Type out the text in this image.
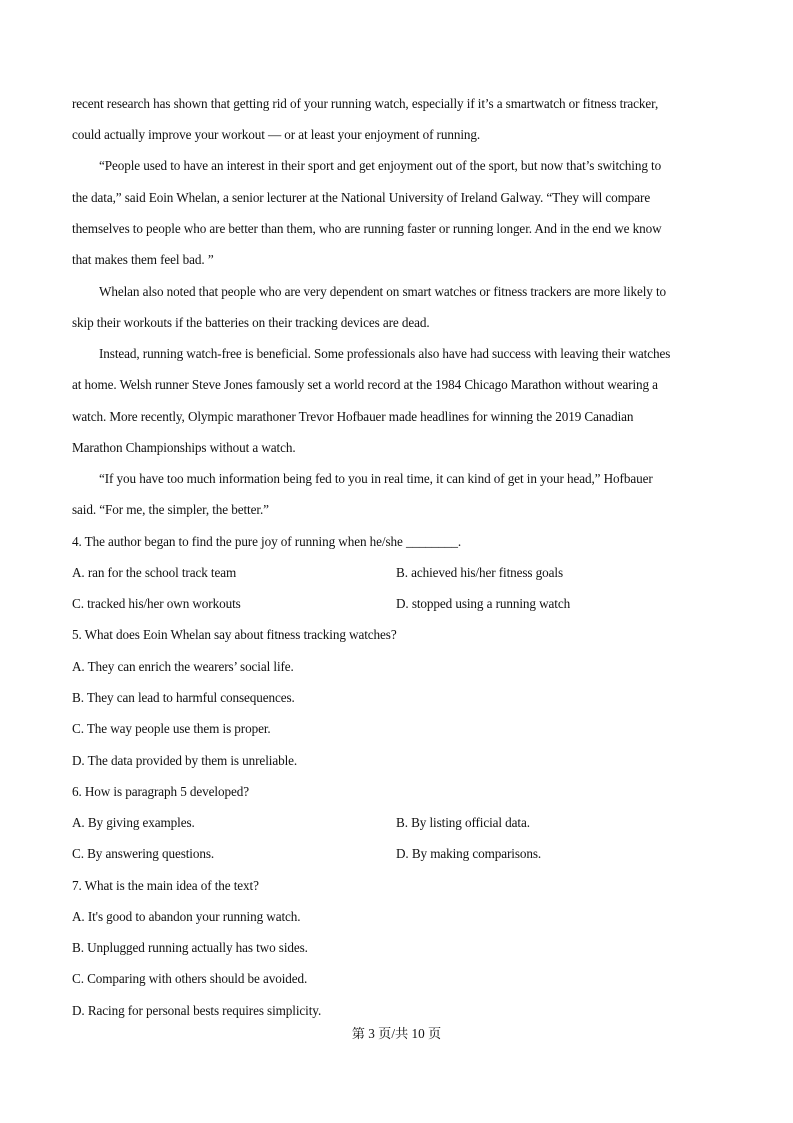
recent research has shown that getting rid of your running watch, especially if it’s a smartwatch or fitness tracker,
could actually improve your workout — or at least your enjoyment of running.
“People used to have an interest in their sport and get enjoyment out of the sport, but now that’s switching to
the data,” said Eoin Whelan, a senior lecturer at the National University of Ireland Galway. “They will compare
themselves to people who are better than them, who are running faster or running longer. And in the end we know
that makes them feel bad. ”
Whelan also noted that people who are very dependent on smart watches or fitness trackers are more likely to
skip their workouts if the batteries on their tracking devices are dead.
Instead, running watch-free is beneficial. Some professionals also have had success with leaving their watches
at home. Welsh runner Steve Jones famously set a world record at the 1984 Chicago Marathon without wearing a
watch. More recently, Olympic marathoner Trevor Hofbauer made headlines for winning the 2019 Canadian
Marathon Championships without a watch.
“If you have too much information being fed to you in real time, it can kind of get in your head,” Hofbauer
said. “For me, the simpler, the better.”
4. The author began to find the pure joy of running when he/she ________.
A. ran for the school track team	B. achieved his/her fitness goals
C. tracked his/her own workouts	D. stopped using a running watch
5. What does Eoin Whelan say about fitness tracking watches?
A. They can enrich the wearers’ social life.
B. They can lead to harmful consequences.
C. The way people use them is proper.
D. The data provided by them is unreliable.
6. How is paragraph 5 developed?
A. By giving examples.	B. By listing official data.
C. By answering questions.	D. By making comparisons.
7. What is the main idea of the text?
A. It's good to abandon your running watch.
B. Unplugged running actually has two sides.
C. Comparing with others should be avoided.
D. Racing for personal bests requires simplicity.
第 3 页/共 10 页
